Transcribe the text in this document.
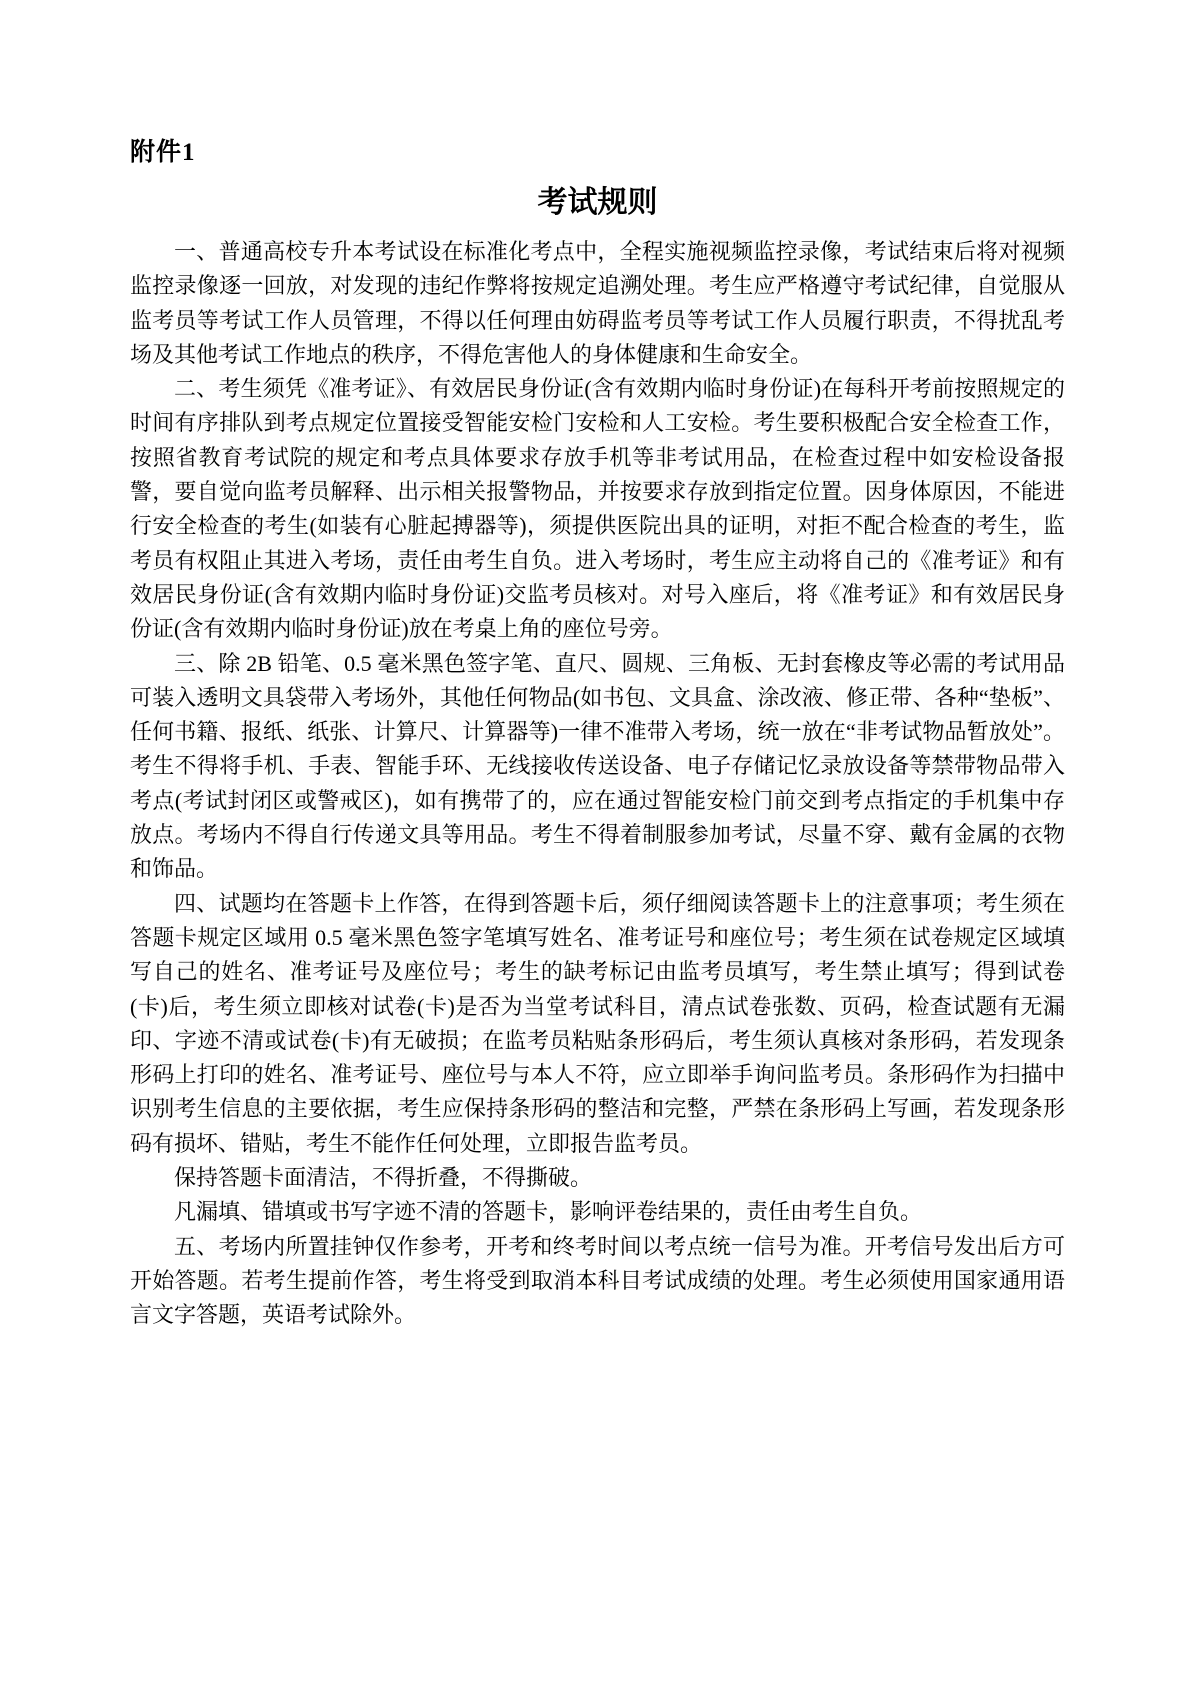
附件1
考试规则

一、普通高校专升本考试设在标准化考点中，全程实施视频监控录像，考试结束后将对视频监控录像逐一回放，对发现的违纪作弊将按规定追溯处理。考生应严格遵守考试纪律，自觉服从监考员等考试工作人员管理，不得以任何理由妨碍监考员等考试工作人员履行职责，不得扰乱考场及其他考试工作地点的秩序，不得危害他人的身体健康和生命安全。

二、考生须凭《准考证》、有效居民身份证(含有效期内临时身份证)在每科开考前按照规定的时间有序排队到考点规定位置接受智能安检门安检和人工安检。考生要积极配合安全检查工作，按照省教育考试院的规定和考点具体要求存放手机等非考试用品，在检查过程中如安检设备报警，要自觉向监考员解释、出示相关报警物品，并按要求存放到指定位置。因身体原因，不能进行安全检查的考生(如装有心脏起搏器等)，须提供医院出具的证明，对拒不配合检查的考生，监考员有权阻止其进入考场，责任由考生自负。进入考场时，考生应主动将自己的《准考证》和有效居民身份证(含有效期内临时身份证)交监考员核对。对号入座后，将《准考证》和有效居民身份证(含有效期内临时身份证)放在考桌上角的座位号旁。

三、除 2B 铅笔、0.5 毫米黑色签字笔、直尺、圆规、三角板、无封套橡皮等必需的考试用品可装入透明文具袋带入考场外，其他任何物品(如书包、文具盒、涂改液、修正带、各种“垫板”、任何书籍、报纸、纸张、计算尺、计算器等)一律不准带入考场，统一放在“非考试物品暂放处”。考生不得将手机、手表、智能手环、无线接收传送设备、电子存储记忆录放设备等禁带物品带入考点(考试封闭区或警戒区)，如有携带了的，应在通过智能安检门前交到考点指定的手机集中存放点。考场内不得自行传递文具等用品。考生不得着制服参加考试，尽量不穿、戴有金属的衣物和饰品。

四、试题均在答题卡上作答，在得到答题卡后，须仔细阅读答题卡上的注意事项；考生须在答题卡规定区域用 0.5 毫米黑色签字笔填写姓名、准考证号和座位号；考生须在试卷规定区域填写自己的姓名、准考证号及座位号；考生的缺考标记由监考员填写，考生禁止填写；得到试卷(卡)后，考生须立即核对试卷(卡)是否为当堂考试科目，清点试卷张数、页码，检查试题有无漏印、字迹不清或试卷(卡)有无破损；在监考员粘贴条形码后，考生须认真核对条形码，若发现条形码上打印的姓名、准考证号、座位号与本人不符，应立即举手询问监考员。条形码作为扫描中识别考生信息的主要依据，考生应保持条形码的整洁和完整，严禁在条形码上写画，若发现条形码有损坏、错贴，考生不能作任何处理，立即报告监考员。

保持答题卡面清洁，不得折叠，不得撕破。

凡漏填、错填或书写字迹不清的答题卡，影响评卷结果的，责任由考生自负。

五、考场内所置挂钟仅作参考，开考和终考时间以考点统一信号为准。开考信号发出后方可开始答题。若考生提前作答，考生将受到取消本科目考试成绩的处理。考生必须使用国家通用语言文字答题，英语考试除外。
